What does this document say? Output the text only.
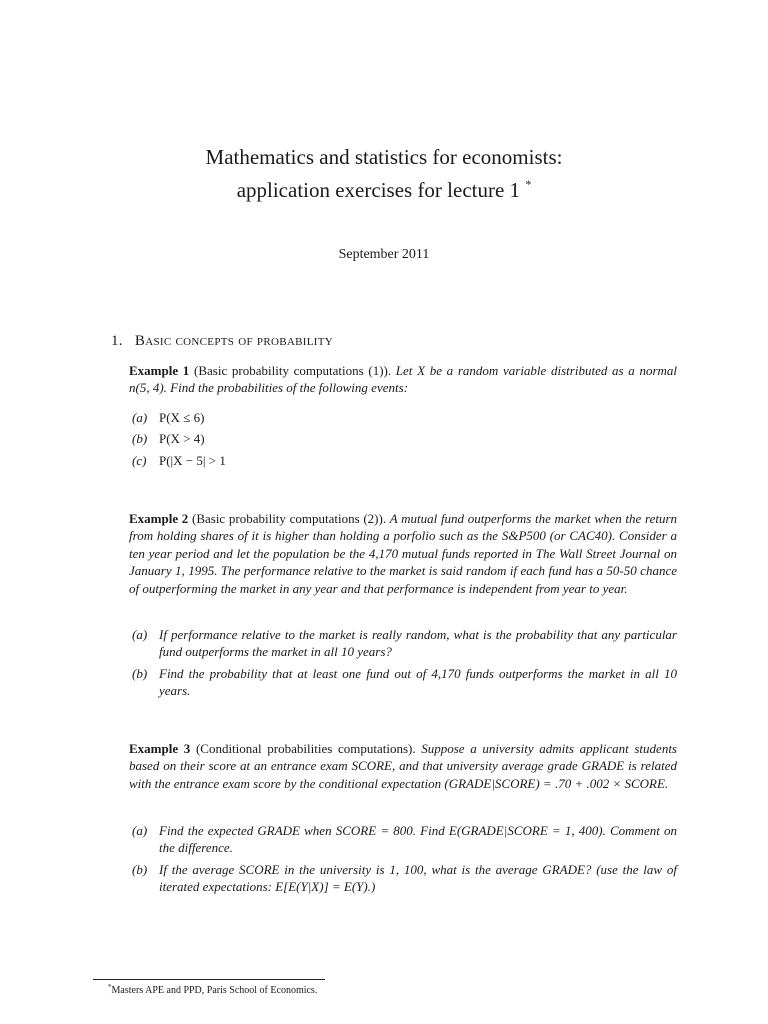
Mathematics and statistics for economists:
application exercises for lecture 1 *
September 2011
1. Basic concepts of probability
Example 1 (Basic probability computations (1)). Let X be a random variable distributed as a normal n(5, 4). Find the probabilities of the following events:
(a) P(X ≤ 6)
(b) P(X > 4)
(c) P(|X − 5| > 1
Example 2 (Basic probability computations (2)). A mutual fund outperforms the market when the return from holding shares of it is higher than holding a porfolio such as the S&P500 (or CAC40). Consider a ten year period and let the population be the 4,170 mutual funds reported in The Wall Street Journal on January 1, 1995. The performance relative to the market is said random if each fund has a 50-50 chance of outperforming the market in any year and that performance is independent from year to year.
(a) If performance relative to the market is really random, what is the probability that any particular fund outperforms the market in all 10 years?
(b) Find the probability that at least one fund out of 4,170 funds outperforms the market in all 10 years.
Example 3 (Conditional probabilities computations). Suppose a university admits applicant students based on their score at an entrance exam SCORE, and that university average grade GRADE is related with the entrance exam score by the conditional expectation (GRADE|SCORE) = .70 + .002 × SCORE.
(a) Find the expected GRADE when SCORE = 800. Find E(GRADE|SCORE = 1, 400). Comment on the difference.
(b) If the average SCORE in the university is 1, 100, what is the average GRADE? (use the law of iterated expectations: E[E(Y|X)] = E(Y).)
*Masters APE and PPD, Paris School of Economics.
